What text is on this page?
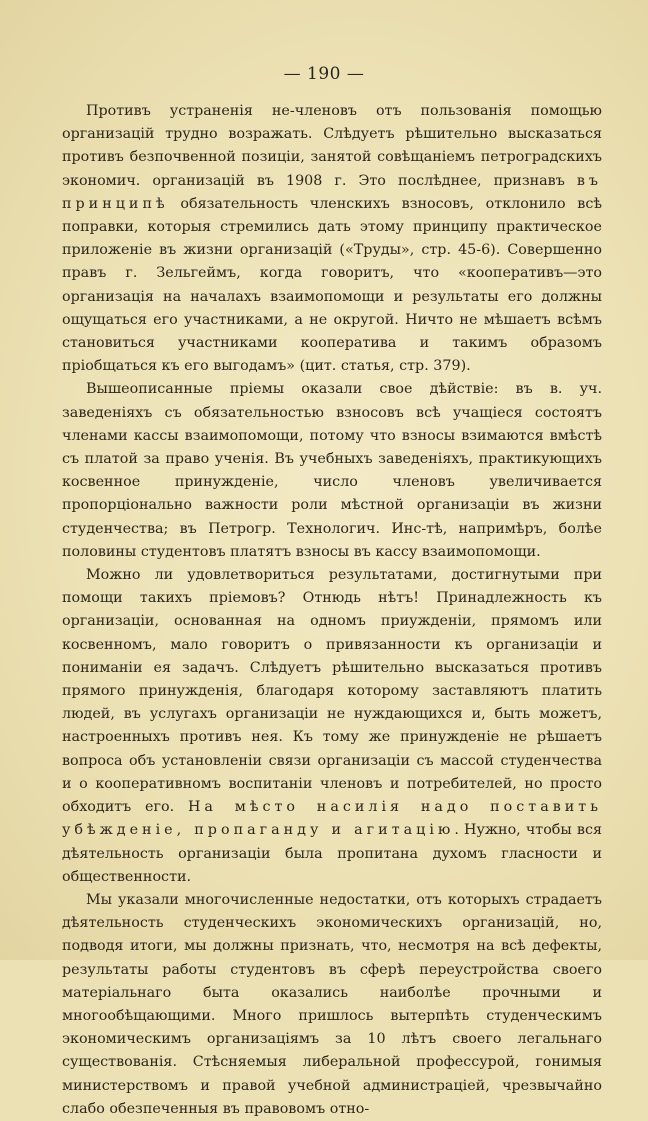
— 190 —

Противъ устраненія не-членовъ отъ пользованія помощью организацій трудно возражать. Слѣдуетъ рѣшительно высказаться противъ безпочвенной позиціи, занятой совѣщаніемъ петроградскихъ экономич. организацій въ 1908 г. Это послѣднее, признавъ въ принципѣ обязательность членскихъ взносовъ, отклонило всѣ поправки, которыя стремились дать этому принципу практическое приложеніе въ жизни организацій («Труды», стр. 45-6). Совершенно правъ г. Зельгеймъ, когда говоритъ, что «кооперативъ—это организація на началахъ взаимопомощи и результаты его должны ощущаться его участниками, а не округой. Ничто не мѣшаетъ всѣмъ становиться участниками кооператива и такимъ образомъ пріобщаться къ его выгодамъ» (цит. статья, стр. 379).

Вышеописанные пріемы оказали свое дѣйствіе: въ в. уч. заведеніяхъ съ обязательностью взносовъ всѣ учащіеся состоятъ членами кассы взаимопомощи, потому что взносы взимаются вмѣстѣ съ платой за право ученія. Въ учебныхъ заведеніяхъ, практикующихъ косвенное принужденіе, число членовъ увеличивается пропорціонально важности роли мѣстной организаціи въ жизни студенчества; въ Петрогр. Технологич. Инс-тѣ, напримѣръ, болѣе половины студентовъ платятъ взносы въ кассу взаимопомощи.

Можно ли удовлетвориться результатами, достигнутыми при помощи такихъ пріемовъ? Отнюдь нѣтъ! Принадлежность къ организаціи, основанная на одномъ приужденіи, прямомъ или косвенномъ, мало говоритъ о привязанности къ организаціи и пониманіи ея задачъ. Слѣдуетъ рѣшительно высказаться противъ прямого принужденія, благодаря которому заставляютъ платить людей, въ услугахъ организаціи не нуждающихся и, быть можетъ, настроенныхъ противъ нея. Къ тому же принужденіе не рѣшаетъ вопроса объ установленіи связи организаціи съ массой студенчества и о кооперативномъ воспитаніи членовъ и потребителей, но просто обходитъ его. На мѣсто насилія надо поставить убѣжденіе, пропаганду и агитацію. Нужно, чтобы вся дѣятельность организаціи была пропитана духомъ гласности и общественности.

Мы указали многочисленные недостатки, отъ которыхъ страдаетъ дѣятельность студенческихъ экономическихъ организацій, но, подводя итоги, мы должны признать, что, несмотря на всѣ дефекты, результаты работы студентовъ въ сферѣ переустройства своего матеріальнаго быта оказались наиболѣе прочными и многообѣщающими. Много пришлось вытерпѣть студенческимъ экономическимъ организаціямъ за 10 лѣтъ своего легальнаго существованія. Стѣсняемыя либеральной профессурой, гонимыя министерствомъ и правой учебной администраціей, чрезвычайно слабо обезпеченныя въ правовомъ отно-
